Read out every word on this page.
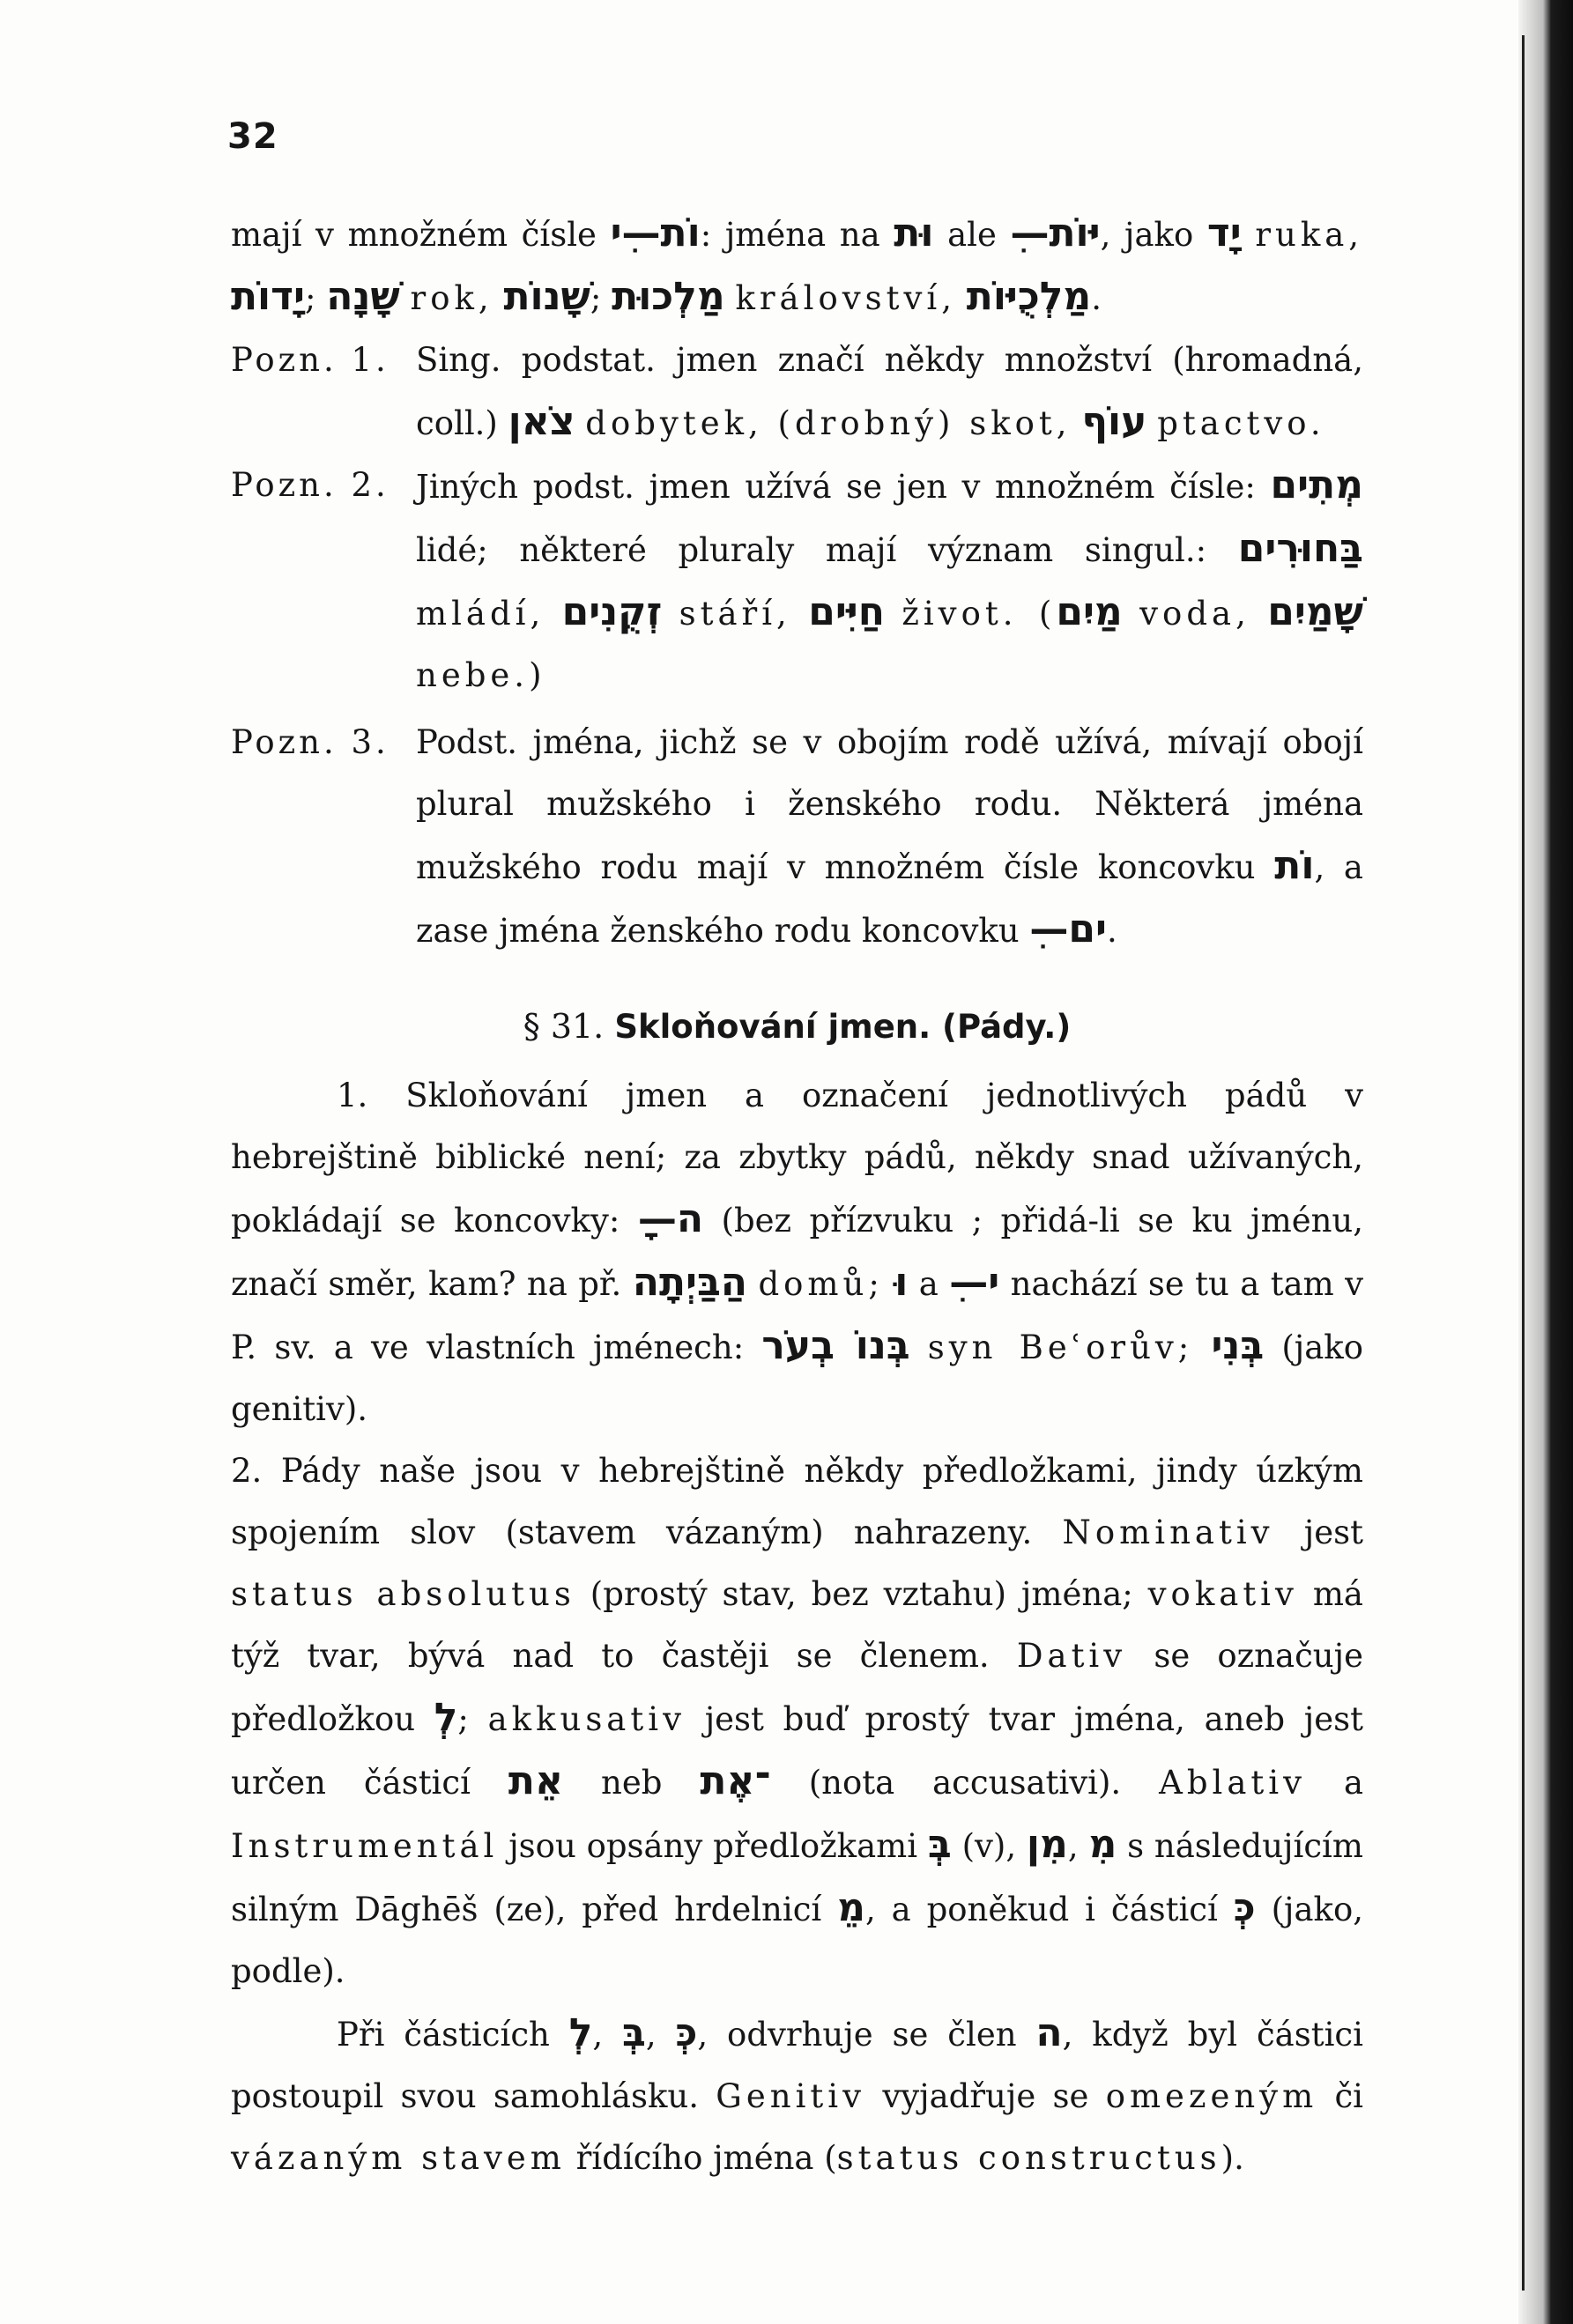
32

mají v množném čísle וֹת—ִי: jména na וּת ale יּוֹת—ִ, jako יָד ruka, יָדוֹת; שָׁנָה rok, שָׁנוֹת; מַלְכוּת království, מַלְכֻיּוֹת.

Pozn. 1. Sing. podstat. jmen značí někdy množství (hromadná, coll.) צֹאן dobytek, (drobný) skot, עוֹף ptactvo.
Pozn. 2. Jiných podst. jmen užívá se jen v množném čísle: מְתִים lidé; některé pluraly mají význam singul.: בַּחוּרִים mládí, זְקֻנִים stáří, חַיִּים život. (מַיִם voda, שָׁמַיִם nebe.)
Pozn. 3. Podst. jména, jichž se v obojím rodě užívá, mívají obojí plural mužského i ženského rodu. Některá jména mužského rodu mají v množném čísle koncovku וֹת, a zase jména ženského rodu koncovku ים—ִ.
§ 31. Skloňování jmen. (Pády.)

1. Skloňování jmen a označení jednotlivých pádů v hebrejštině biblické není; za zbytky pádů, někdy snad užívaných, pokládají se koncovky: ה—ָ (bez přízvuku ; přidá-li se ku jménu, značí směr, kam? na př. הַבַּיְתָה domů; וּ a י—ִ nachází se tu a tam v P. sv. a ve vlastních jménech: בְּנוֹ בְעֹר syn Beʿorův; בְּנִי (jako genitiv).

2. Pády naše jsou v hebrejštině někdy předložkami, jindy úzkým spojením slov (stavem vázaným) nahrazeny. Nominativ jest status absolutus (prostý stav, bez vztahu) jména; vokativ má týž tvar, bývá nad to častěji se členem. Dativ se označuje předložkou לְ; akkusativ jest buď prostý tvar jména, aneb jest určen částicí אֵת neb ־אֶת (nota accusativi). Ablativ a Instrumentál jsou opsány předložkami בְּ (v), מִן, מִ s následujícím silným Dāghēš (ze), před hrdelnicí מֵ, a poněkud i částicí כְּ (jako, podle).

Při částicích לְ, בְּ, כְּ, odvrhuje se člen ה, když byl částici postoupil svou samohlásku. Genitiv vyjadřuje se omezeným či vázaným stavem řídícího jména (status constructus).
